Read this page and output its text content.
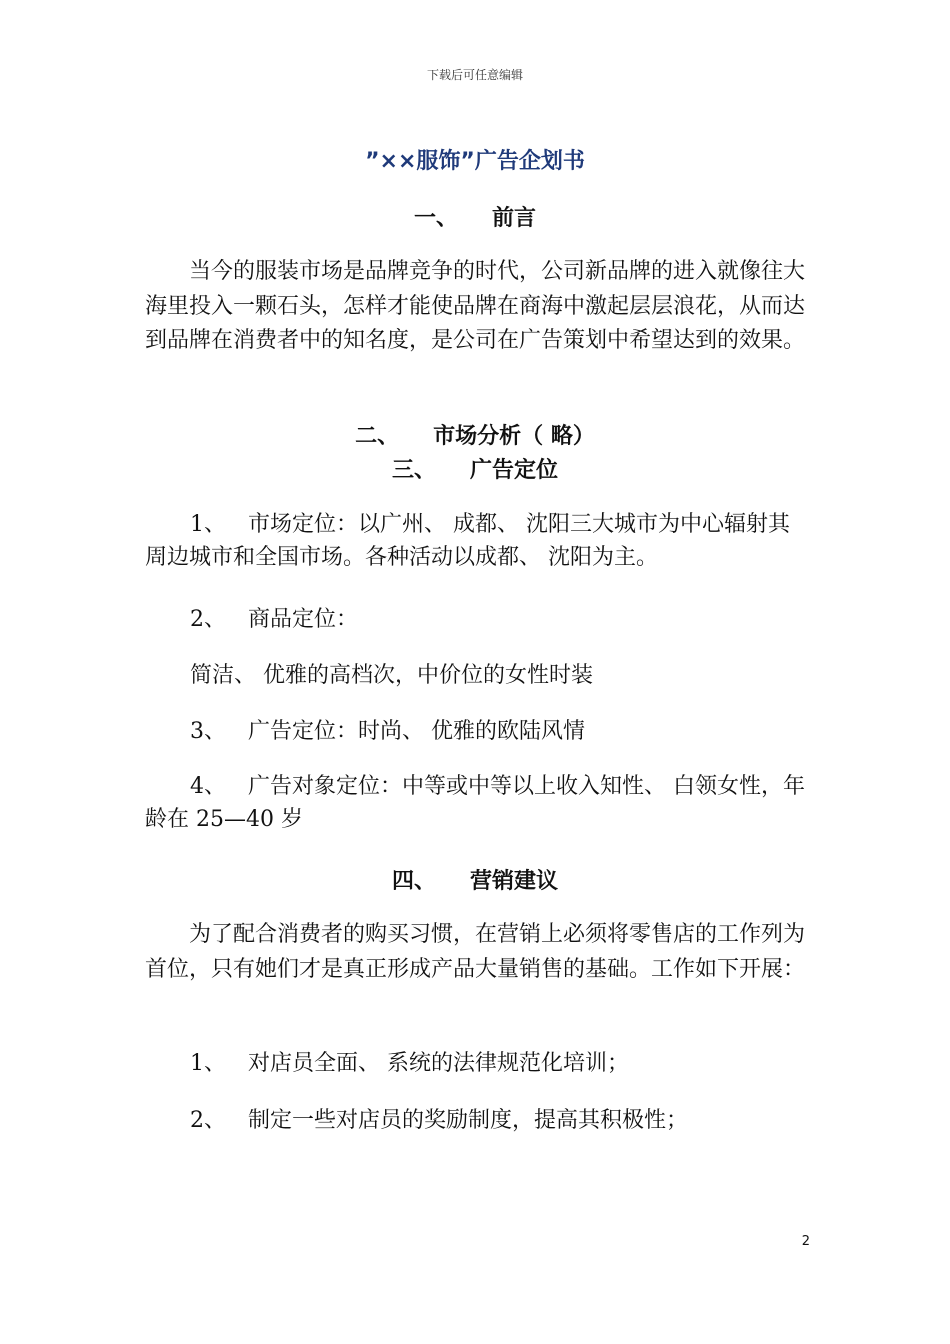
下载后可任意编辑
”××服饰”广告企划书
一、 前言
当今的服装市场是品牌竞争的时代，公司新品牌的进入就像往大海里投入一颗石头，怎样才能使品牌在商海中激起层层浪花，从而达到品牌在消费者中的知名度，是公司在广告策划中希望达到的效果。
二、 市场分析（ 略）
三、 广告定位
1、 市场定位：以广州、 成都、 沈阳三大城市为中心辐射其周边城市和全国市场。各种活动以成都、 沈阳为主。
2、 商品定位：
简洁、 优雅的高档次，中价位的女性时装
3、 广告定位：时尚、 优雅的欧陆风情
4、 广告对象定位：中等或中等以上收入知性、 白领女性，年龄在 25—40 岁
四、 营销建议
为了配合消费者的购买习惯，在营销上必须将零售店的工作列为首位，只有她们才是真正形成产品大量销售的基础。工作如下开展：
1、 对店员全面、 系统的法律规范化培训；
2、 制定一些对店员的奖励制度，提高其积极性；
2
